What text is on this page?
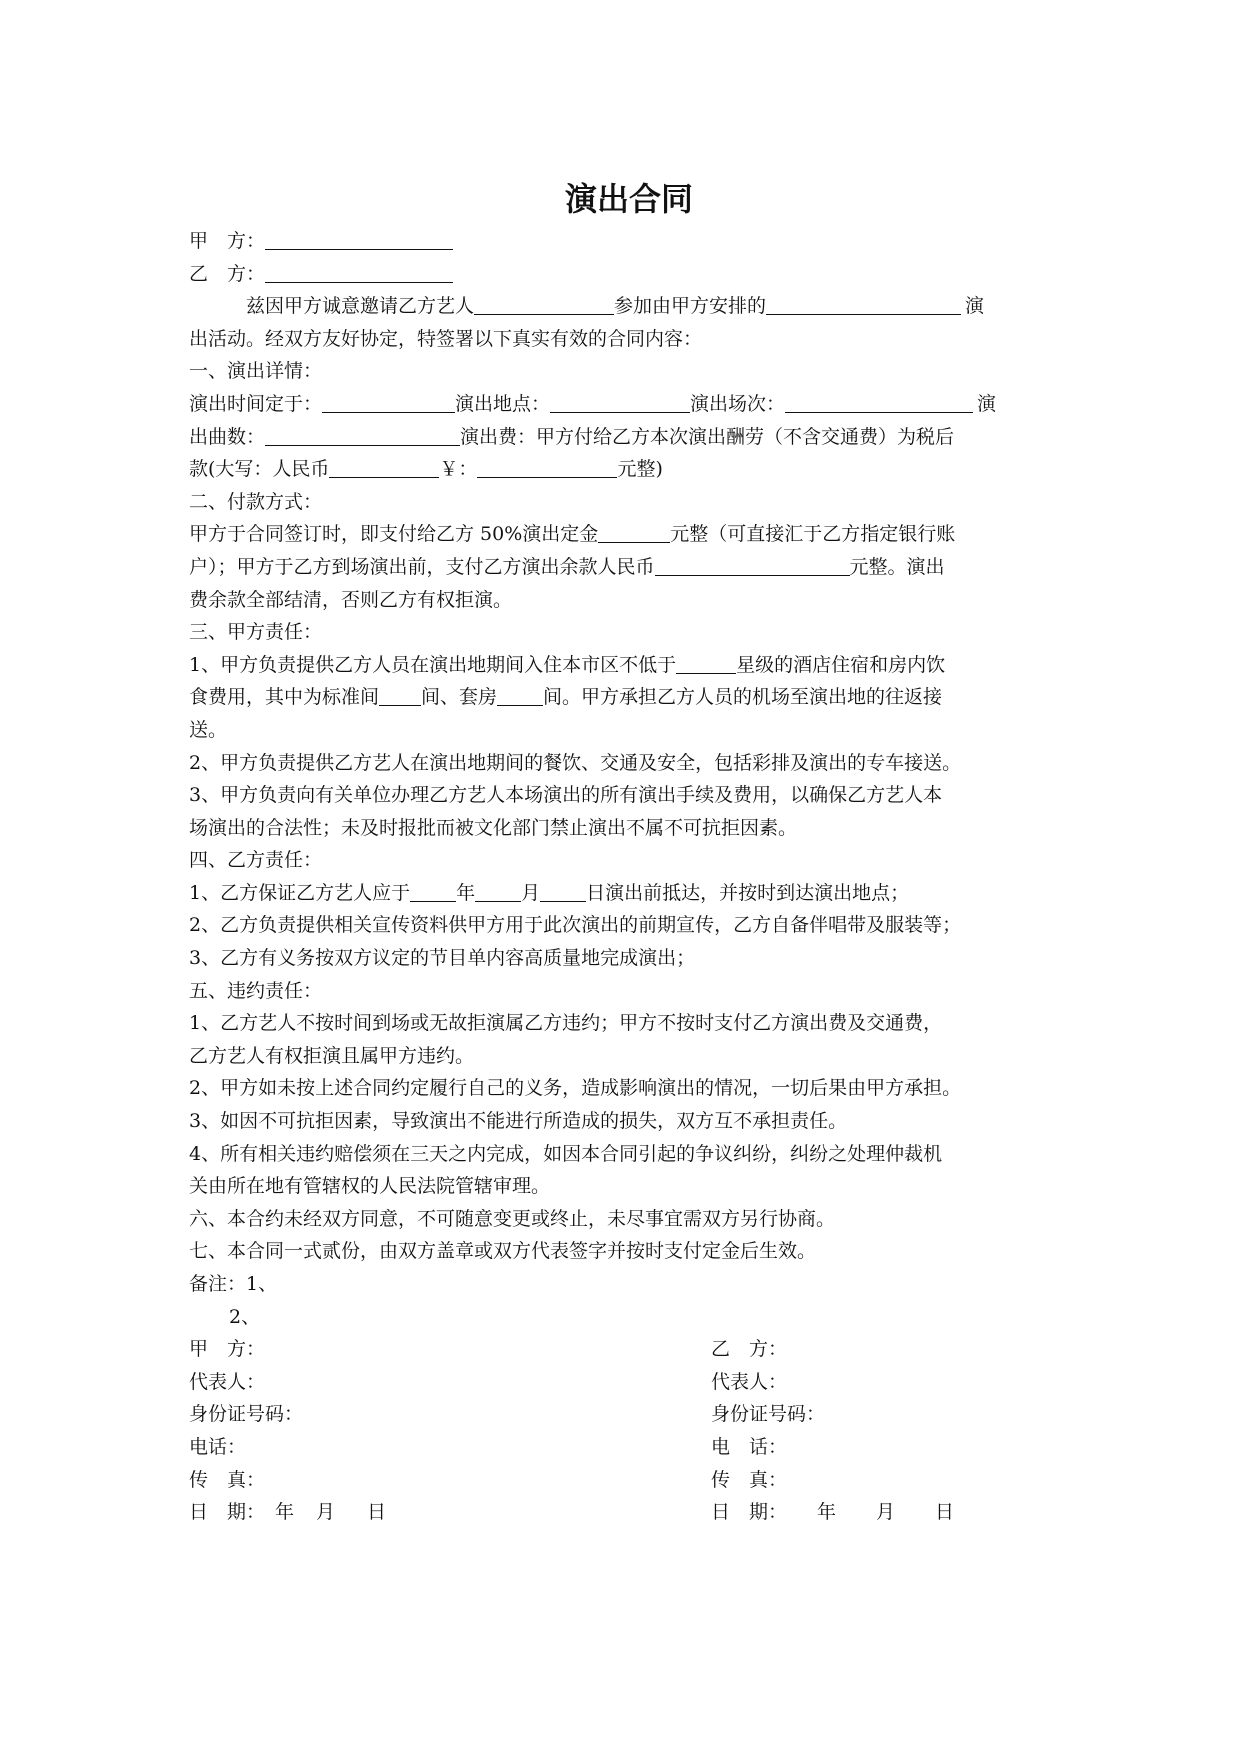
演出合同
甲　方：
乙　方：
兹因甲方诚意邀请乙方艺人	参加由甲方安排的	演
出活动。经双方友好协定，特签署以下真实有效的合同内容：
一、演出详情：
演出时间定于：	演出地点：	演出场次：	演
出曲数：	演出费：甲方付给乙方本次演出酬劳（不含交通费）为税后
款(大写：人民币	￥：	元整)
二、付款方式：
甲方于合同签订时，即支付给乙方 50%演出定金	元整（可直接汇于乙方指定银行账
户）；甲方于乙方到场演出前，支付乙方演出余款人民币	元整。演出
费余款全部结清，否则乙方有权拒演。
三、甲方责任：
1、甲方负责提供乙方人员在演出地期间入住本市区不低于	星级的酒店住宿和房内饮
食费用，其中为标准间 间、套房 间。甲方承担乙方人员的机场至演出地的往返接
送。
2、甲方负责提供乙方艺人在演出地期间的餐饮、交通及安全，包括彩排及演出的专车接送。
3、甲方负责向有关单位办理乙方艺人本场演出的所有演出手续及费用，以确保乙方艺人本
场演出的合法性；未及时报批而被文化部门禁止演出不属不可抗拒因素。
四、乙方责任：
1、乙方保证乙方艺人应于 年 月 日演出前抵达，并按时到达演出地点；
2、乙方负责提供相关宣传资料供甲方用于此次演出的前期宣传，乙方自备伴唱带及服装等；
3、乙方有义务按双方议定的节目单内容高质量地完成演出；
五、违约责任：
1、乙方艺人不按时间到场或无故拒演属乙方违约；甲方不按时支付乙方演出费及交通费，
乙方艺人有权拒演且属甲方违约。
2、甲方如未按上述合同约定履行自己的义务，造成影响演出的情况，一切后果由甲方承担。
3、如因不可抗拒因素，导致演出不能进行所造成的损失，双方互不承担责任。
4、所有相关违约赔偿须在三天之内完成，如因本合同引起的争议纠纷，纠纷之处理仲裁机
关由所在地有管辖权的人民法院管辖审理。
六、本合约未经双方同意，不可随意变更或终止，未尽事宜需双方另行协商。
七、本合同一式贰份，由双方盖章或双方代表签字并按时支付定金后生效。
备注：1、
2、
甲　方：	乙　方：
代表人：	代表人：
身份证号码：	身份证号码：
电话：	电　话：
传　真：	传　真：
日　期： 年 月 日	日　期： 年 月 日
